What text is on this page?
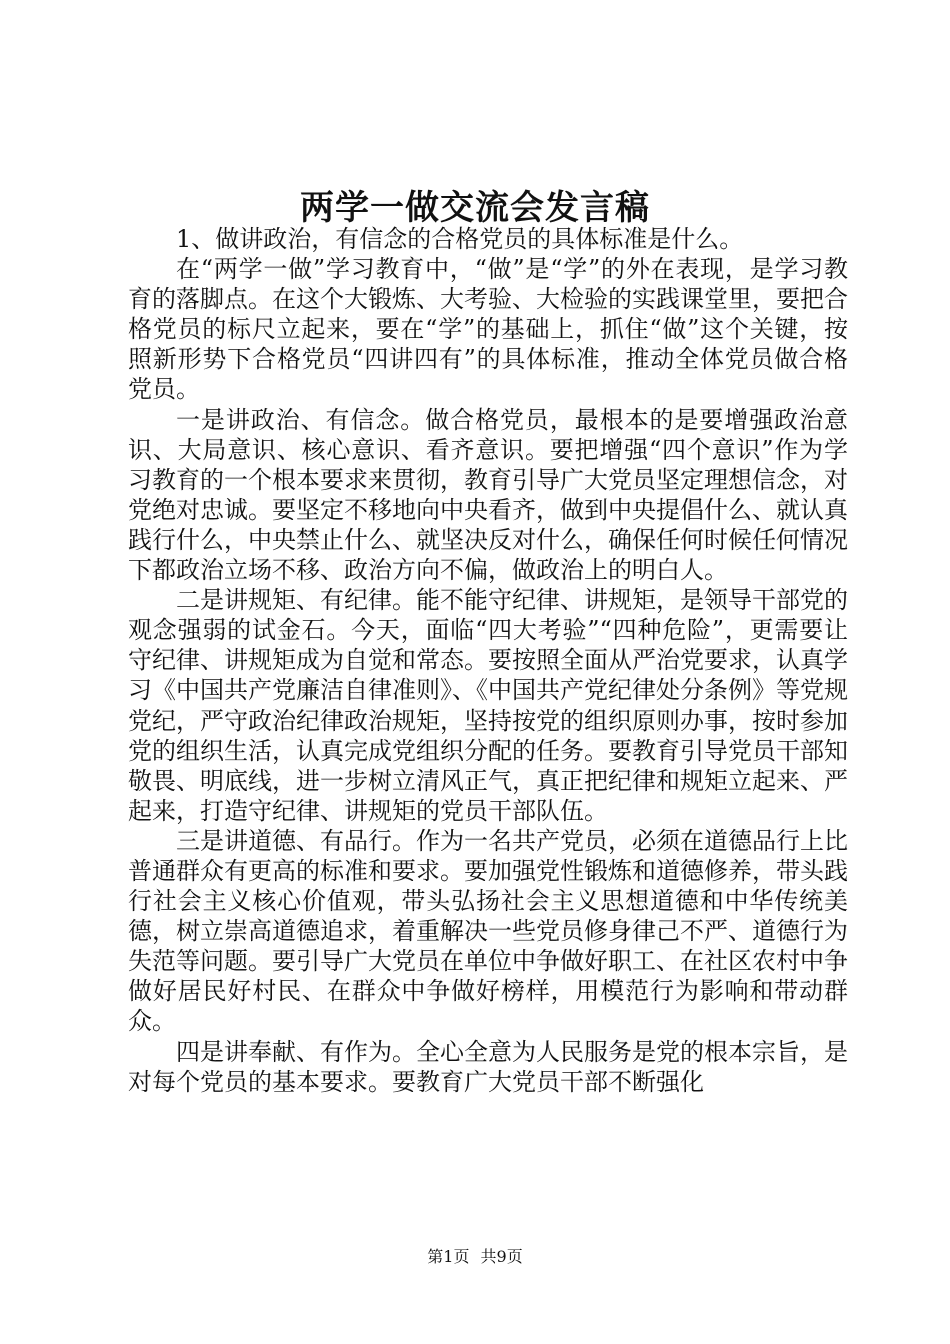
两学一做交流会发言稿

1、做讲政治，有信念的合格党员的具体标准是什么。

在“两学一做”学习教育中，“做”是“学”的外在表现，是学习教育的落脚点。在这个大锻炼、大考验、大检验的实践课堂里，要把合格党员的标尺立起来，要在“学”的基础上，抓住“做”这个关键，按照新形势下合格党员“四讲四有”的具体标准，推动全体党员做合格党员。

一是讲政治、有信念。做合格党员，最根本的是要增强政治意识、大局意识、核心意识、看齐意识。要把增强“四个意识”作为学习教育的一个根本要求来贯彻，教育引导广大党员坚定理想信念，对党绝对忠诚。要坚定不移地向中央看齐，做到中央提倡什么、就认真践行什么，中央禁止什么、就坚决反对什么，确保任何时候任何情况下都政治立场不移、政治方向不偏，做政治上的明白人。

二是讲规矩、有纪律。能不能守纪律、讲规矩，是领导干部党的观念强弱的试金石。今天，面临“四大考验”“四种危险”，更需要让守纪律、讲规矩成为自觉和常态。要按照全面从严治党要求，认真学习《中国共产党廉洁自律准则》、《中国共产党纪律处分条例》等党规党纪，严守政治纪律政治规矩，坚持按党的组织原则办事，按时参加党的组织生活，认真完成党组织分配的任务。要教育引导党员干部知敬畏、明底线，进一步树立清风正气，真正把纪律和规矩立起来、严起来，打造守纪律、讲规矩的党员干部队伍。

三是讲道德、有品行。作为一名共产党员，必须在道德品行上比普通群众有更高的标准和要求。要加强党性锻炼和道德修养，带头践行社会主义核心价值观，带头弘扬社会主义思想道德和中华传统美德，树立崇高道德追求，着重解决一些党员修身律己不严、道德行为失范等问题。要引导广大党员在单位中争做好职工、在社区农村中争做好居民好村民、在群众中争做好榜样，用模范行为影响和带动群众。

四是讲奉献、有作为。全心全意为人民服务是党的根本宗旨，是对每个党员的基本要求。要教育广大党员干部不断强化

第1页 共9页
